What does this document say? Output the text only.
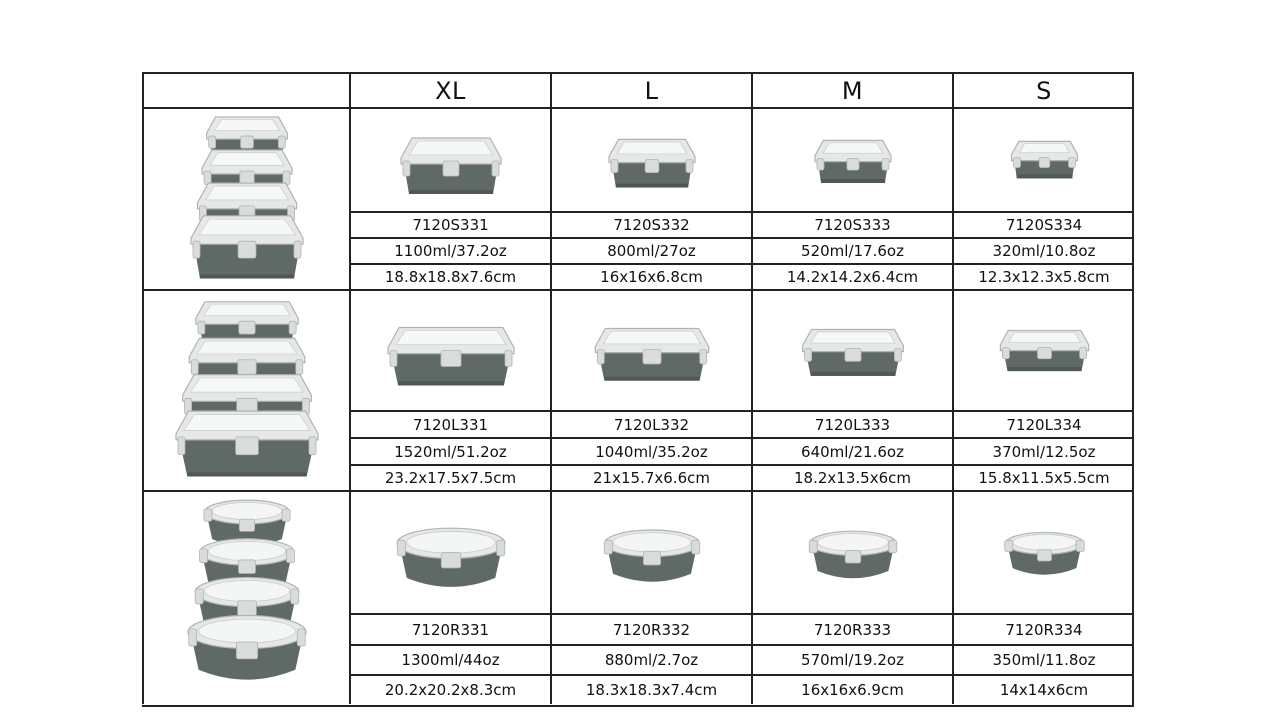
XL	L	M	S
7120S331	7120S332	7120S333	7120S334
1100ml/37.2oz	800ml/27oz	520ml/17.6oz	320ml/10.8oz
18.8x18.8x7.6cm	16x16x6.8cm	14.2x14.2x6.4cm	12.3x12.3x5.8cm
7120L331	7120L332	7120L333	7120L334
1520ml/51.2oz	1040ml/35.2oz	640ml/21.6oz	370ml/12.5oz
23.2x17.5x7.5cm	21x15.7x6.6cm	18.2x13.5x6cm	15.8x11.5x5.5cm
7120R331	7120R332	7120R333	7120R334
1300ml/44oz	880ml/2.7oz	570ml/19.2oz	350ml/11.8oz
20.2x20.2x8.3cm	18.3x18.3x7.4cm	16x16x6.9cm	14x14x6cm
